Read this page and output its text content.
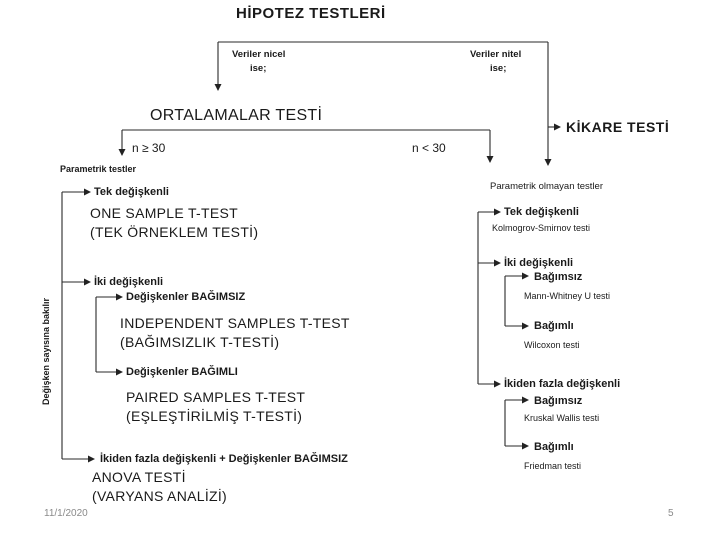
HİPOTEZ TESTLERİ
Veriler nicel
ise;
Veriler nitel
ise;
ORTALAMALAR TESTİ
KİKARE TESTİ
n ≥ 30	n < 30
Parametrik testler
Değişken sayısına bakılır
Tek değişkenli
ONE SAMPLE T-TEST
(TEK ÖRNEKLEM TESTİ)
İki değişkenli
Değişkenler BAĞIMSIZ
INDEPENDENT SAMPLES T-TEST
(BAĞIMSIZLIK T-TESTİ)
Değişkenler BAĞIMLI
PAIRED SAMPLES T-TEST
(EŞLEŞTİRİLMİŞ T-TESTİ)
İkiden fazla değişkenli + Değişkenler BAĞIMSIZ
ANOVA TESTİ
(VARYANS ANALİZİ)
Parametrik olmayan testler
Tek değişkenli
Kolmogrov-Smirnov testi
İki değişkenli
Bağımsız
Mann-Whitney U testi
Bağımlı
Wilcoxon testi
İkiden fazla değişkenli
Bağımsız
Kruskal Wallis testi
Bağımlı
Friedman testi
11/1/2020	5
